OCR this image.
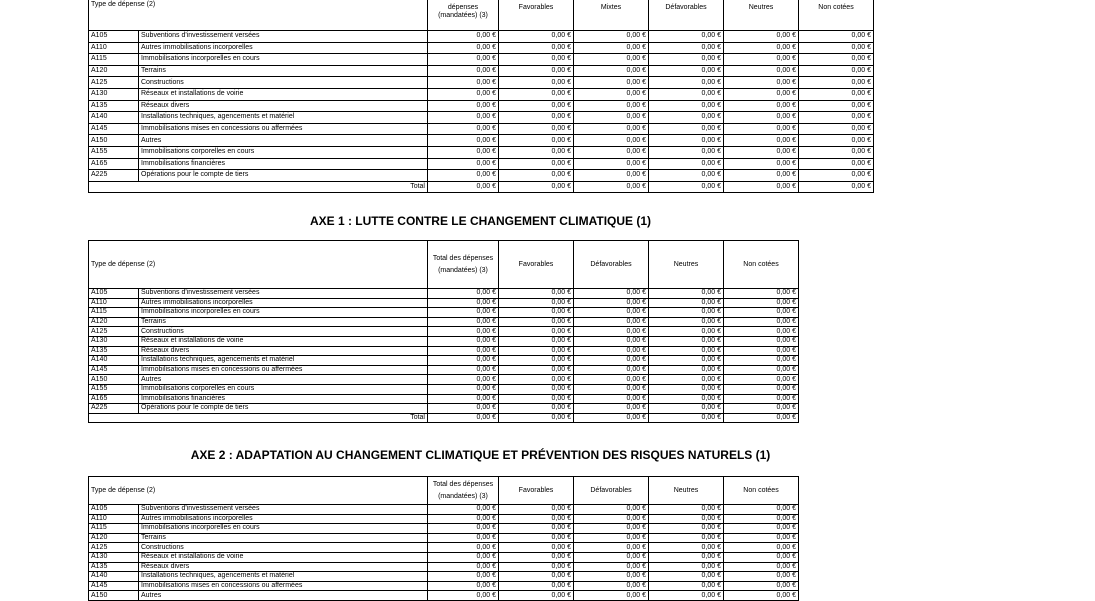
Type de dépense (2)		dépenses (mandatées) (3)	Favorables	Mixtes	Défavorables	Neutres	Non cotées
A105	Subventions d'investissement versées	0,00 €	0,00 €	0,00 €	0,00 €	0,00 €	0,00 €
A110	Autres immobilisations incorporelles	0,00 €	0,00 €	0,00 €	0,00 €	0,00 €	0,00 €
A115	Immobilisations incorporelles en cours	0,00 €	0,00 €	0,00 €	0,00 €	0,00 €	0,00 €
A120	Terrains	0,00 €	0,00 €	0,00 €	0,00 €	0,00 €	0,00 €
A125	Constructions	0,00 €	0,00 €	0,00 €	0,00 €	0,00 €	0,00 €
A130	Réseaux et installations de voirie	0,00 €	0,00 €	0,00 €	0,00 €	0,00 €	0,00 €
A135	Réseaux divers	0,00 €	0,00 €	0,00 €	0,00 €	0,00 €	0,00 €
A140	Installations techniques, agencements et matériel	0,00 €	0,00 €	0,00 €	0,00 €	0,00 €	0,00 €
A145	Immobilisations mises en concessions ou affermées	0,00 €	0,00 €	0,00 €	0,00 €	0,00 €	0,00 €
A150	Autres	0,00 €	0,00 €	0,00 €	0,00 €	0,00 €	0,00 €
A155	Immobilisations corporelles en cours	0,00 €	0,00 €	0,00 €	0,00 €	0,00 €	0,00 €
A165	Immobilisations financières	0,00 €	0,00 €	0,00 €	0,00 €	0,00 €	0,00 €
A225	Opérations pour le compte de tiers	0,00 €	0,00 €	0,00 €	0,00 €	0,00 €	0,00 €
Total		0,00 €	0,00 €	0,00 €	0,00 €	0,00 €	0,00 €
AXE 1 : LUTTE CONTRE LE CHANGEMENT CLIMATIQUE (1)
Type de dépense (2)		Total des dépenses (mandatées) (3)	Favorables	Défavorables	Neutres	Non cotées
A105	Subventions d'investissement versées	0,00 €	0,00 €	0,00 €	0,00 €	0,00 €
A110	Autres immobilisations incorporelles	0,00 €	0,00 €	0,00 €	0,00 €	0,00 €
A115	Immobilisations incorporelles en cours	0,00 €	0,00 €	0,00 €	0,00 €	0,00 €
A120	Terrains	0,00 €	0,00 €	0,00 €	0,00 €	0,00 €
A125	Constructions	0,00 €	0,00 €	0,00 €	0,00 €	0,00 €
A130	Réseaux et installations de voirie	0,00 €	0,00 €	0,00 €	0,00 €	0,00 €
A135	Réseaux divers	0,00 €	0,00 €	0,00 €	0,00 €	0,00 €
A140	Installations techniques, agencements et matériel	0,00 €	0,00 €	0,00 €	0,00 €	0,00 €
A145	Immobilisations mises en concessions ou affermées	0,00 €	0,00 €	0,00 €	0,00 €	0,00 €
A150	Autres	0,00 €	0,00 €	0,00 €	0,00 €	0,00 €
A155	Immobilisations corporelles en cours	0,00 €	0,00 €	0,00 €	0,00 €	0,00 €
A165	Immobilisations financières	0,00 €	0,00 €	0,00 €	0,00 €	0,00 €
A225	Opérations pour le compte de tiers	0,00 €	0,00 €	0,00 €	0,00 €	0,00 €
Total		0,00 €	0,00 €	0,00 €	0,00 €	0,00 €
AXE 2 : ADAPTATION AU CHANGEMENT CLIMATIQUE ET PRÉVENTION DES RISQUES NATURELS (1)
Type de dépense (2)		Total des dépenses (mandatées) (3)	Favorables	Défavorables	Neutres	Non cotées
A105	Subventions d'investissement versées	0,00 €	0,00 €	0,00 €	0,00 €	0,00 €
A110	Autres immobilisations incorporelles	0,00 €	0,00 €	0,00 €	0,00 €	0,00 €
A115	Immobilisations incorporelles en cours	0,00 €	0,00 €	0,00 €	0,00 €	0,00 €
A120	Terrains	0,00 €	0,00 €	0,00 €	0,00 €	0,00 €
A125	Constructions	0,00 €	0,00 €	0,00 €	0,00 €	0,00 €
A130	Réseaux et installations de voirie	0,00 €	0,00 €	0,00 €	0,00 €	0,00 €
A135	Réseaux divers	0,00 €	0,00 €	0,00 €	0,00 €	0,00 €
A140	Installations techniques, agencements et matériel	0,00 €	0,00 €	0,00 €	0,00 €	0,00 €
A145	Immobilisations mises en concessions ou affermées	0,00 €	0,00 €	0,00 €	0,00 €	0,00 €
A150	Autres	0,00 €	0,00 €	0,00 €	0,00 €	0,00 €
